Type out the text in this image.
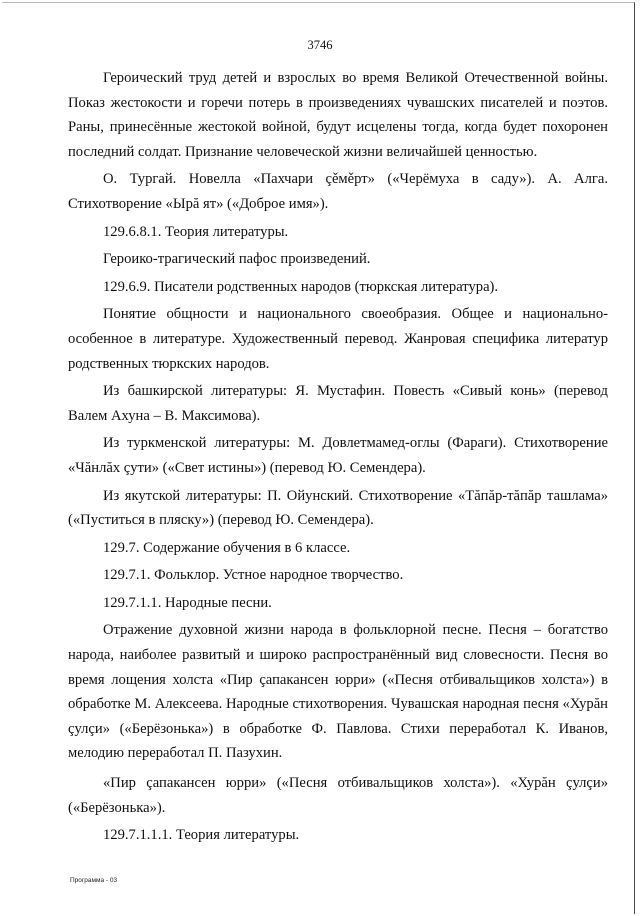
3746

Героический труд детей и взрослых во время Великой Отечественной войны. Показ жестокости и горечи потерь в произведениях чувашских писателей и поэтов. Раны, принесённые жестокой войной, будут исцелены тогда, когда будет похоронен последний солдат. Признание человеческой жизни величайшей ценностью.

О. Тургай. Новелла «Пахчари çěмěрт» («Черёмуха в саду»). А. Алга. Стихотворение «Ырă ят» («Доброе имя»).

129.6.8.1. Теория литературы.

Героико-трагический пафос произведений.

129.6.9. Писатели родственных народов (тюркская литература).

Понятие общности и национального своеобразия. Общее и национально-особенное в литературе. Художественный перевод. Жанровая специфика литератур родственных тюркских народов.

Из башкирской литературы: Я. Мустафин. Повесть «Сивый конь» (перевод Валем Ахуна – В. Максимова).

Из туркменской литературы: М. Довлетмамед-оглы (Фараги). Стихотворение «Чăнлăх çути» («Свет истины») (перевод Ю. Семендера).

Из якутской литературы: П. Ойунский. Стихотворение «Тăпăр-тăпăр ташлама» («Пуститься в пляску») (перевод Ю. Семендера).

129.7. Содержание обучения в 6 классе.

129.7.1. Фольклор. Устное народное творчество.

129.7.1.1. Народные песни.

Отражение духовной жизни народа в фольклорной песне. Песня – богатство народа, наиболее развитый и широко распространённый вид словесности. Песня во время лощения холста «Пир çапакансен юрри» («Песня отбивальщиков холста») в обработке М. Алексеева. Народные стихотворения. Чувашская народная песня «Хурăн çулçи» («Берёзонька») в обработке Ф. Павлова. Стихи переработал К. Иванов, мелодию переработал П. Пазухин.

«Пир çапакансен юрри» («Песня отбивальщиков холста»). «Хурăн çулçи» («Берёзонька»).

129.7.1.1.1. Теория литературы.

Программа - 03
